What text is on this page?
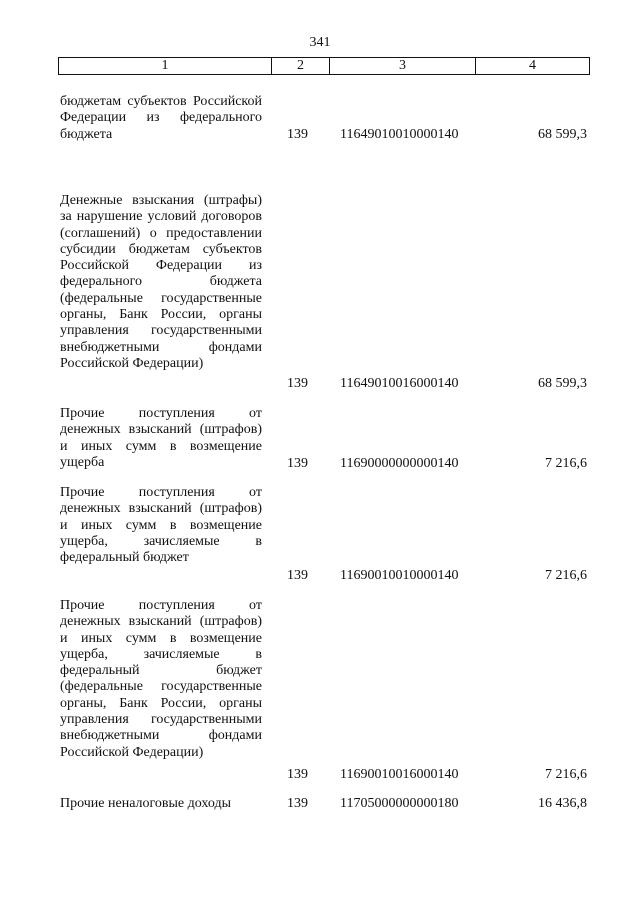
341
1	2	3	4
бюджетам субъектов Российской Федерации из федерального бюджета	139 11649010010000140	68 599,3
Денежные взыскания (штрафы) за нарушение условий договоров (соглашений) о предоставлении субсидии бюджетам субъектов Российской Федерации из федерального бюджета (федеральные государственные органы, Банк России, органы управления государственными внебюджетными фондами Российской Федерации)
139 11649010016000140	68 599,3
Прочие поступления от денежных взысканий (штрафов) и иных сумм в возмещение ущерба	139 11690000000000140	7 216,6
Прочие поступления от денежных взысканий (штрафов) и иных сумм в возмещение ущерба, зачисляемые в федеральный бюджет
139 11690010010000140	7 216,6
Прочие поступления от денежных взысканий (штрафов) и иных сумм в возмещение ущерба, зачисляемые в федеральный бюджет (федеральные государственные органы, Банк России, органы управления государственными внебюджетными фондами Российской Федерации)
139 11690010016000140	7 216,6
Прочие неналоговые доходы	139 11705000000000180	16 436,8
